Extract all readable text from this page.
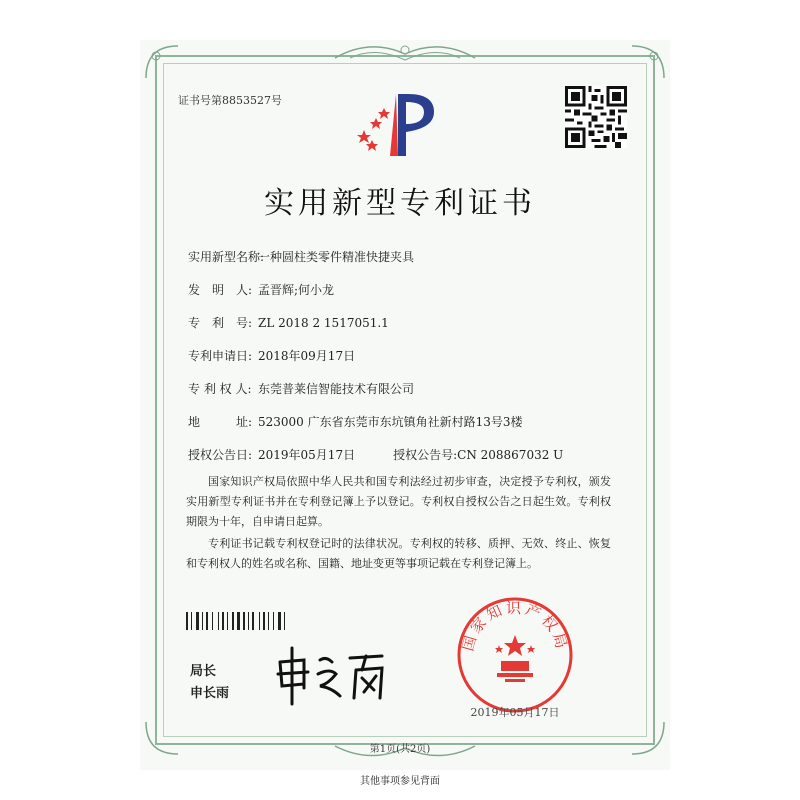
证书号第8853527号
实用新型专利证书
实用新型名称:一种圆柱类零件精准快捷夹具
发　明　人: 孟晋辉;何小龙
专　利　号: ZL 2018 2 1517051.1
专利申请日: 2018年09月17日
专 利 权 人: 东莞普莱信智能技术有限公司
地　　　址: 523000 广东省东莞市东坑镇角社新村路13号3楼
授权公告日: 2019年05月17日	授权公告号:CN 208867032 U
国家知识产权局依照中华人民共和国专利法经过初步审查，决定授予专利权，颁发实用新型专利证书并在专利登记簿上予以登记。专利权自授权公告之日起生效。专利权期限为十年，自申请日起算。
专利证书记载专利权登记时的法律状况。专利权的转移、质押、无效、终止、恢复和专利权人的姓名或名称、国籍、地址变更等事项记载在专利登记簿上。
局长
申长雨
国家知识产权局
2019年05月17日
第1页(共2页)
其他事项参见背面
